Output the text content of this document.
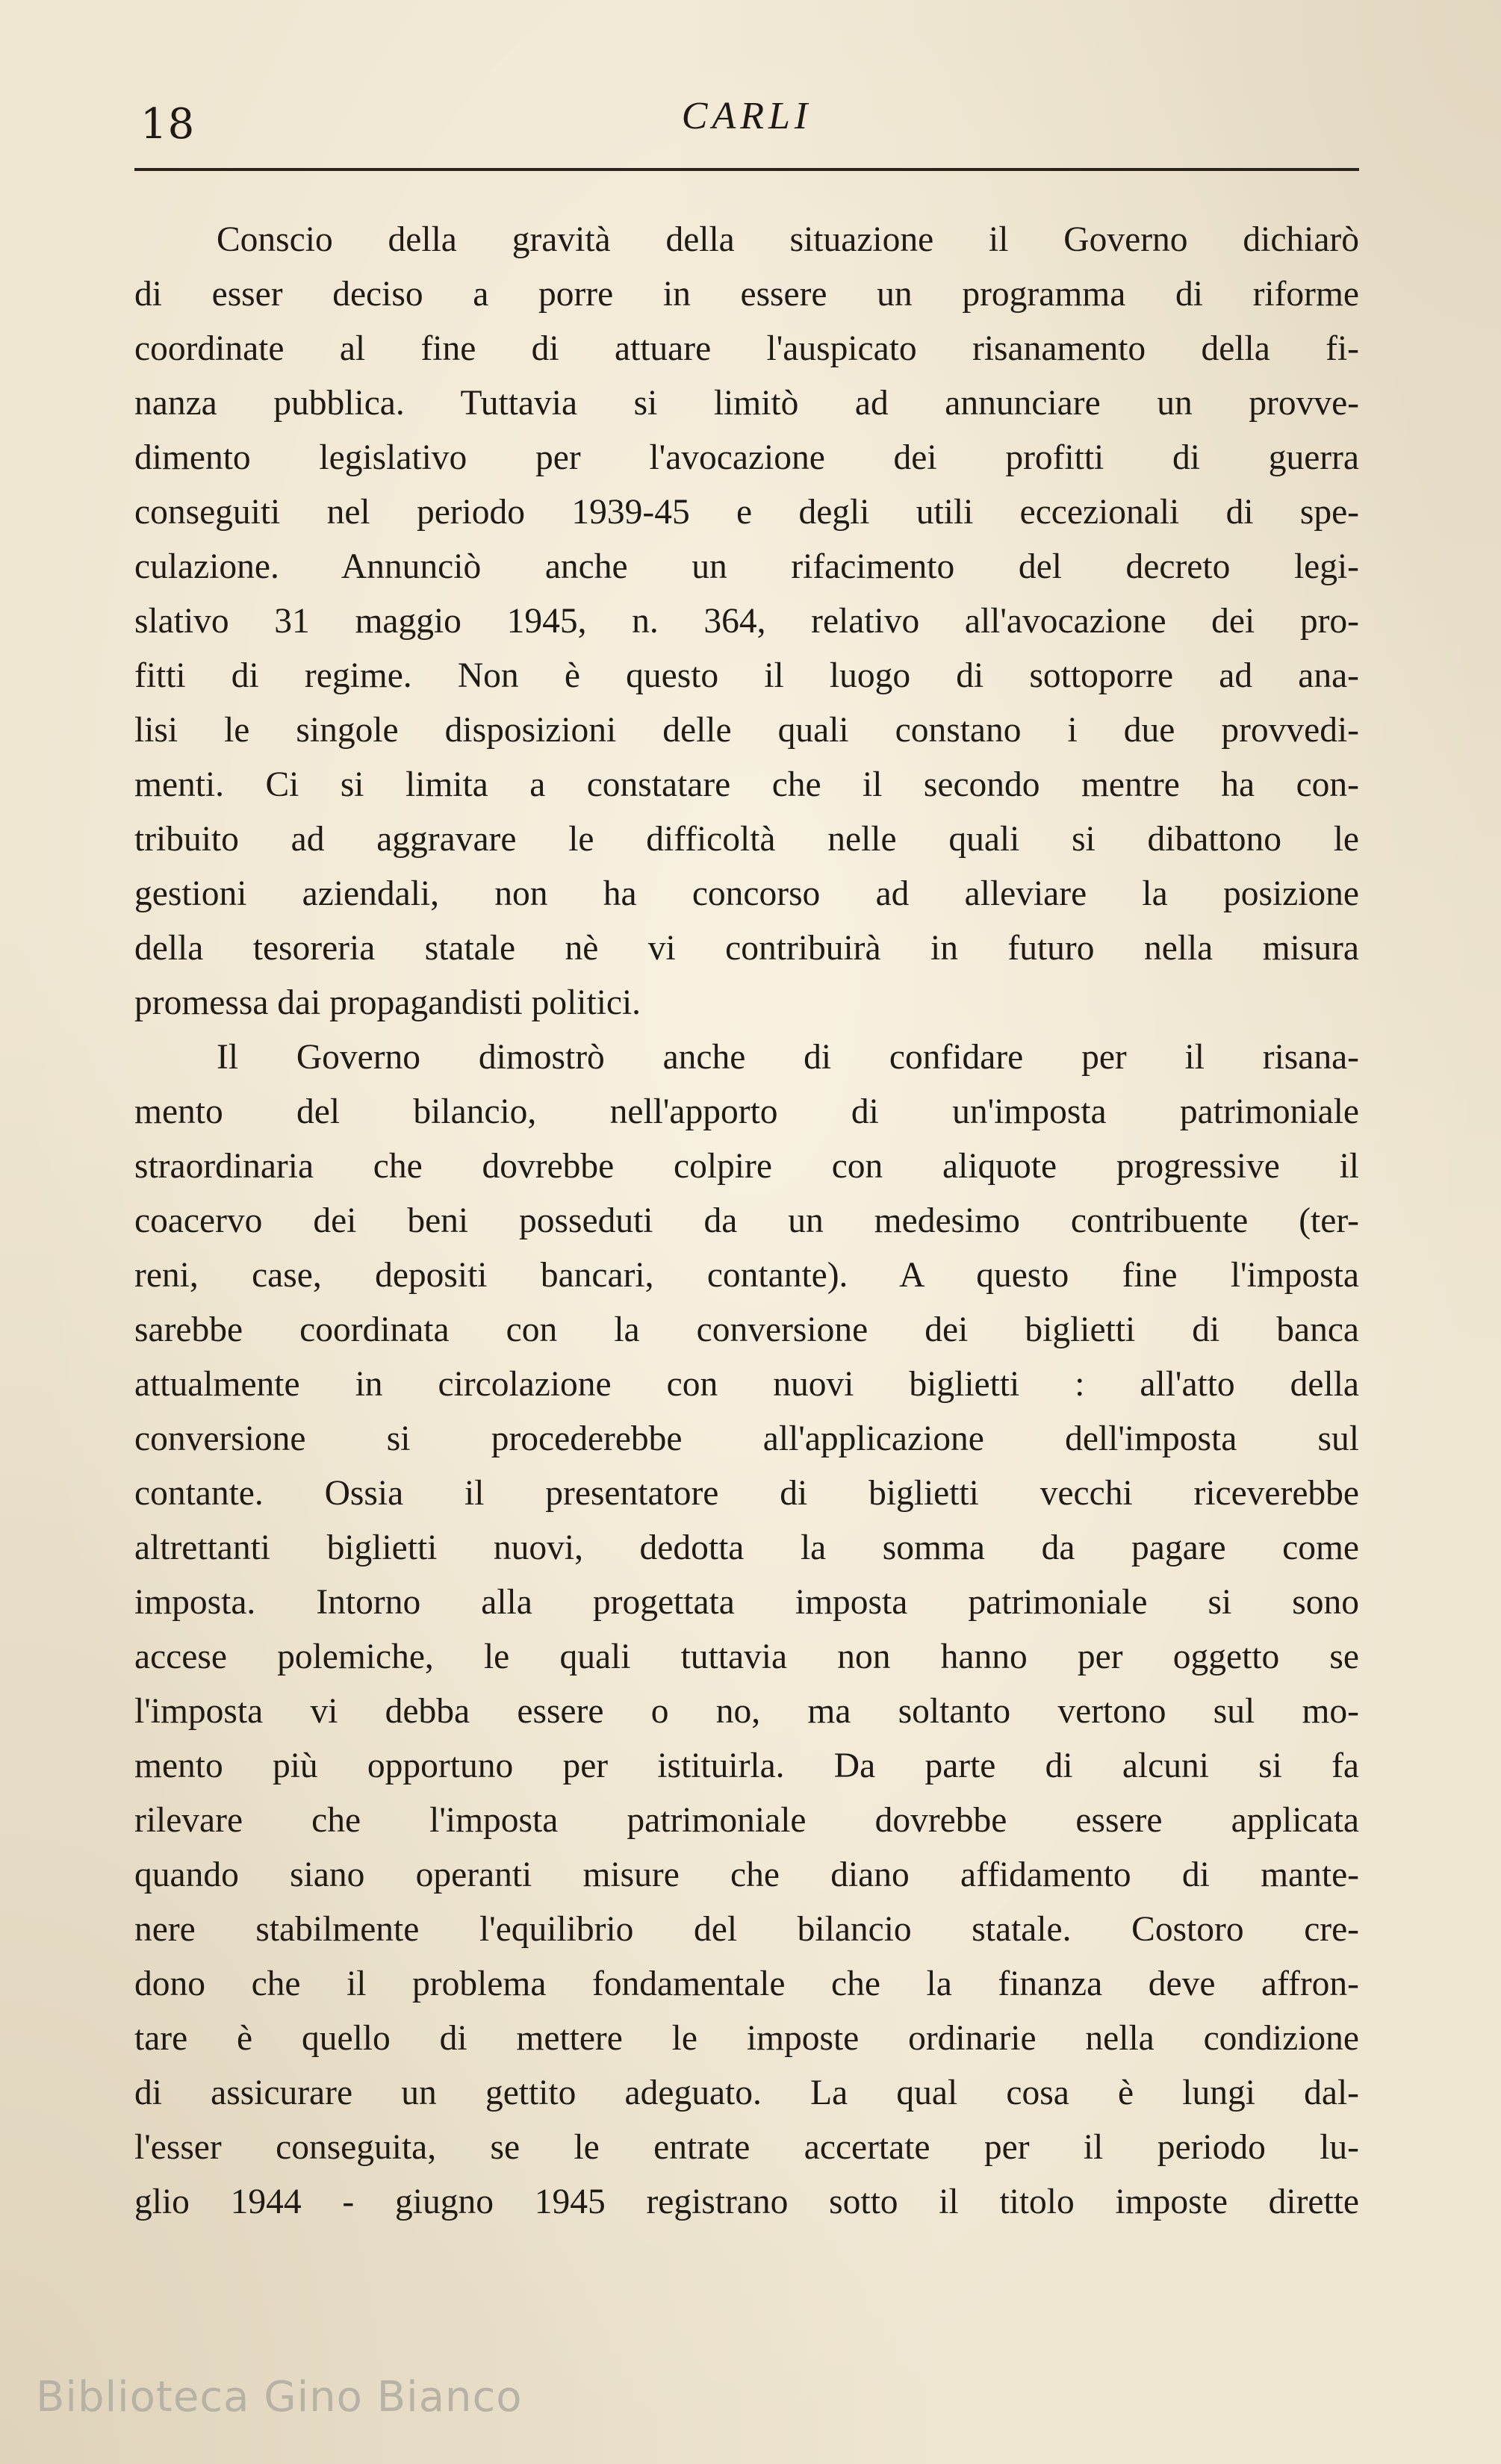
18	CARLI

Conscio della gravità della situazione il Governo dichiarò
di esser deciso a porre in essere un programma di riforme
coordinate al fine di attuare l'auspicato risanamento della fi-
nanza pubblica. Tuttavia si limitò ad annunciare un provve-
dimento legislativo per l'avocazione dei profitti di guerra
conseguiti nel periodo 1939-45 e degli utili eccezionali di spe-
culazione. Annunciò anche un rifacimento del decreto legi-
slativo 31 maggio 1945, n. 364, relativo all'avocazione dei pro-
fitti di regime. Non è questo il luogo di sottoporre ad ana-
lisi le singole disposizioni delle quali constano i due provvedi-
menti. Ci si limita a constatare che il secondo mentre ha con-
tribuito ad aggravare le difficoltà nelle quali si dibattono le
gestioni aziendali, non ha concorso ad alleviare la posizione
della tesoreria statale nè vi contribuirà in futuro nella misura
promessa dai propagandisti politici.

Il Governo dimostrò anche di confidare per il risana-
mento del bilancio, nell'apporto di un'imposta patrimoniale
straordinaria che dovrebbe colpire con aliquote progressive il
coacervo dei beni posseduti da un medesimo contribuente (ter-
reni, case, depositi bancari, contante). A questo fine l'imposta
sarebbe coordinata con la conversione dei biglietti di banca
attualmente in circolazione con nuovi biglietti : all'atto della
conversione si procederebbe all'applicazione dell'imposta sul
contante. Ossia il presentatore di biglietti vecchi riceverebbe
altrettanti biglietti nuovi, dedotta la somma da pagare come
imposta. Intorno alla progettata imposta patrimoniale si sono
accese polemiche, le quali tuttavia non hanno per oggetto se
l'imposta vi debba essere o no, ma soltanto vertono sul mo-
mento più opportuno per istituirla. Da parte di alcuni si fa
rilevare che l'imposta patrimoniale dovrebbe essere applicata
quando siano operanti misure che diano affidamento di mante-
nere stabilmente l'equilibrio del bilancio statale. Costoro cre-
dono che il problema fondamentale che la finanza deve affron-
tare è quello di mettere le imposte ordinarie nella condizione
di assicurare un gettito adeguato. La qual cosa è lungi dal-
l'esser conseguita, se le entrate accertate per il periodo lu-
glio 1944 - giugno 1945 registrano sotto il titolo imposte dirette

Biblioteca Gino Bianco
